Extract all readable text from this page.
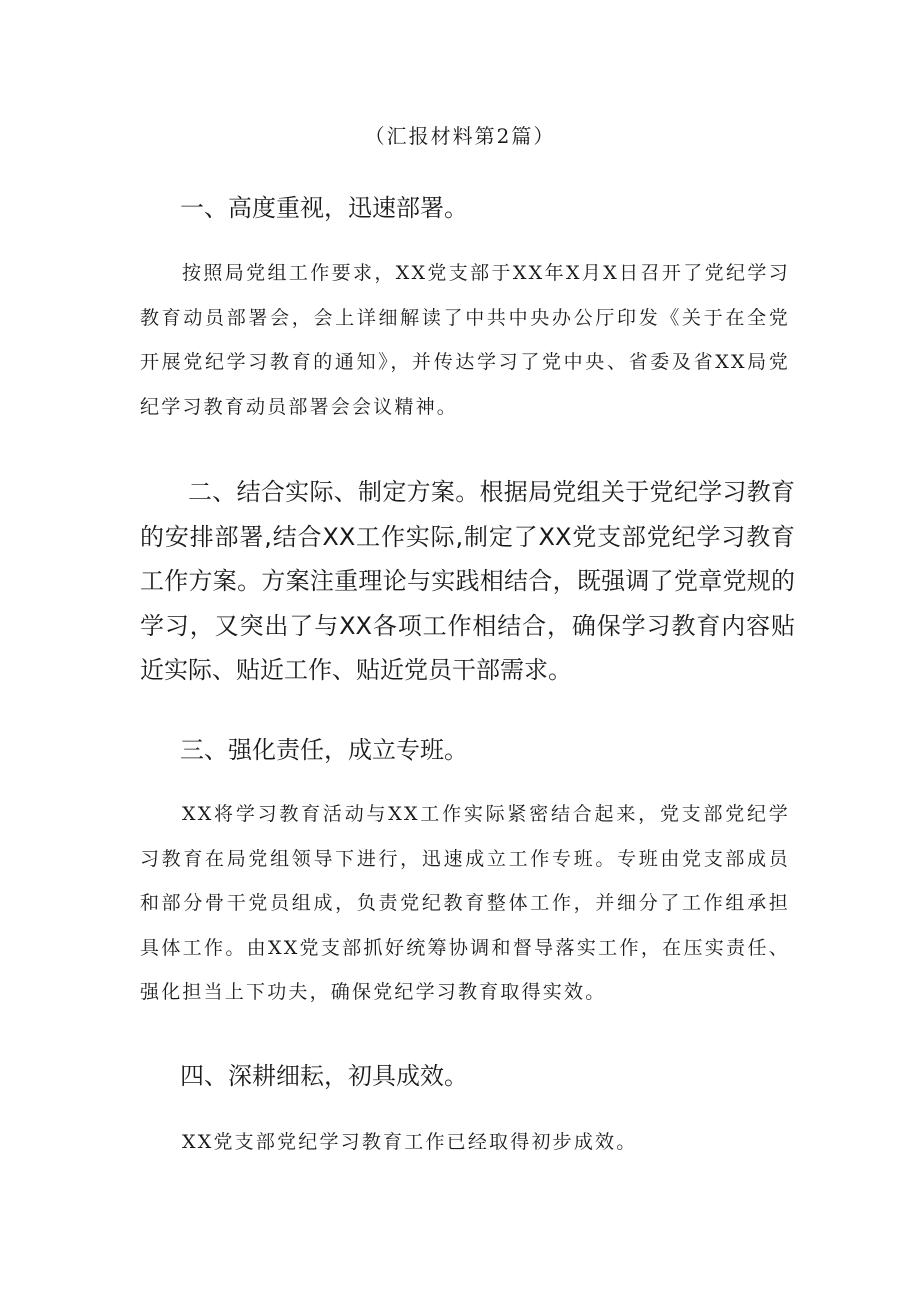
（汇报材料第2篇）
一、高度重视，迅速部署。
按照局党组工作要求，XX党支部于XX年X月X日召开了党纪学习教育动员部署会，会上详细解读了中共中央办公厅印发《关于在全党开展党纪学习教育的通知》，并传达学习了党中央、省委及省XX局党纪学习教育动员部署会会议精神。
二、结合实际、制定方案。根据局党组关于党纪学习教育的安排部署,结合XX工作实际,制定了XX党支部党纪学习教育工作方案。方案注重理论与实践相结合，既强调了党章党规的学习，又突出了与XX各项工作相结合，确保学习教育内容贴近实际、贴近工作、贴近党员干部需求。
三、强化责任，成立专班。
XX将学习教育活动与XX工作实际紧密结合起来，党支部党纪学习教育在局党组领导下进行，迅速成立工作专班。专班由党支部成员和部分骨干党员组成，负责党纪教育整体工作，并细分了工作组承担具体工作。由XX党支部抓好统筹协调和督导落实工作，在压实责任、强化担当上下功夫，确保党纪学习教育取得实效。
四、深耕细耘，初具成效。
XX党支部党纪学习教育工作已经取得初步成效。
